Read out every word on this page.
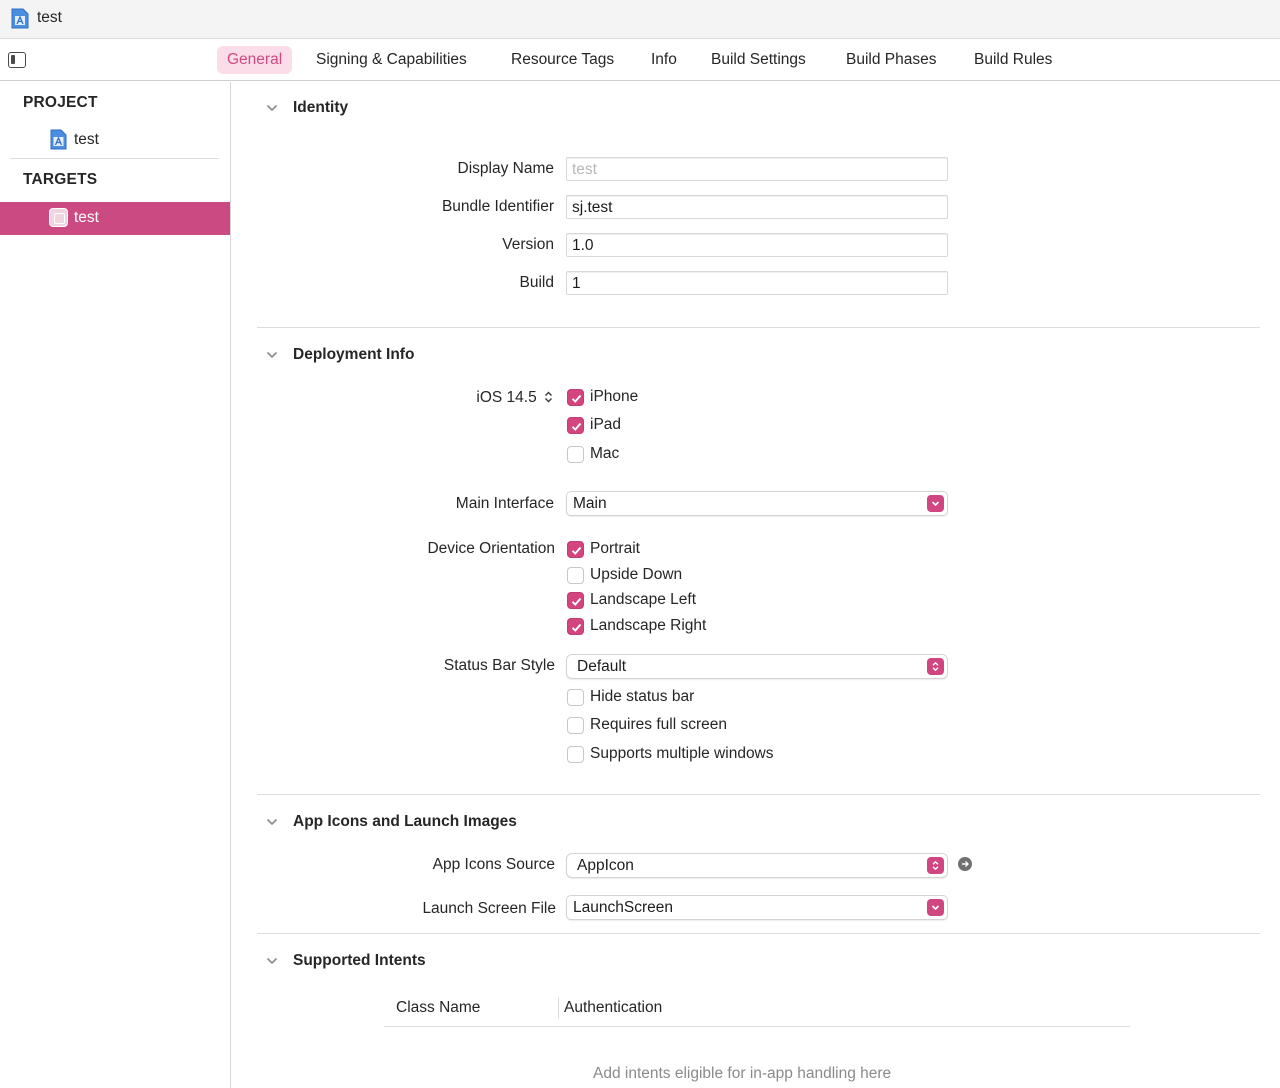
test
General	Signing & Capabilities	Resource Tags	Info	Build Settings	Build Phases	Build Rules
PROJECT
test
TARGETS
test
Identity
Display Name test
Bundle Identifier sj.test
Version 1.0
Build 1
Deployment Info
iOS 14.5	iPhone
iPad
Mac
Main Interface Main
Device Orientation Portrait
Upside Down
Landscape Left
Landscape Right
Status Bar Style Default
Hide status bar
Requires full screen
Supports multiple windows
App Icons and Launch Images
App Icons Source AppIcon
Launch Screen File LaunchScreen
Supported Intents
Class Name	Authentication
Add intents eligible for in-app handling here
